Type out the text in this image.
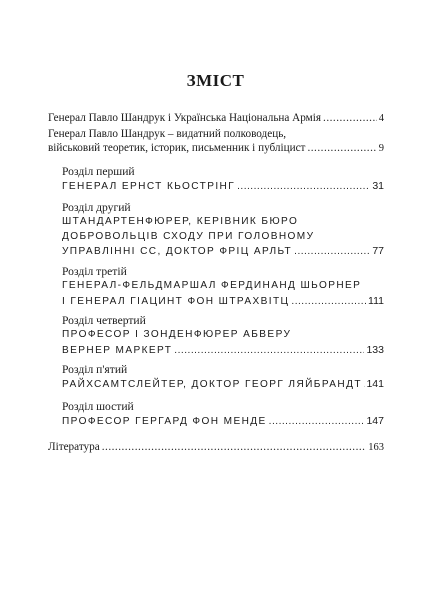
ЗМІСТ
Генерал Павло Шандрук і Українська Національна Армія .....	4
Генерал Павло Шандрук – видатний полководець,
військовий теоретик, історик, письменник і публіцист .....	9
Розділ перший
ГЕНЕРАЛ ЕРНСТ КЬОСТРІНГ .....	31
Розділ другий
ШТАНДАРТЕНФЮРЕР, КЕРІВНИК БЮРО
ДОБРОВОЛЬЦІВ СХОДУ ПРИ ГОЛОВНОМУ
УПРАВЛІННІ СС, ДОКТОР ФРІЦ АРЛЬТ .....	77
Розділ третій
ГЕНЕРАЛ-ФЕЛЬДМАРШАЛ ФЕРДИНАНД ШЬОРНЕР
І ГЕНЕРАЛ ГІАЦИНТ ФОН ШТРАХВІТЦ .....	111
Розділ четвертий
ПРОФЕСОР І ЗОНДЕНФЮРЕР АБВЕРУ
ВЕРНЕР МАРКЕРТ .....	133
Розділ п'ятий
РАЙХСАМТСЛЕЙТЕР, ДОКТОР ГЕОРГ ЛЯЙБРАНДТ ..... 141
Розділ шостий
ПРОФЕСОР ГЕРГАРД ФОН МЕНДЕ .....	147
Література .....	163
